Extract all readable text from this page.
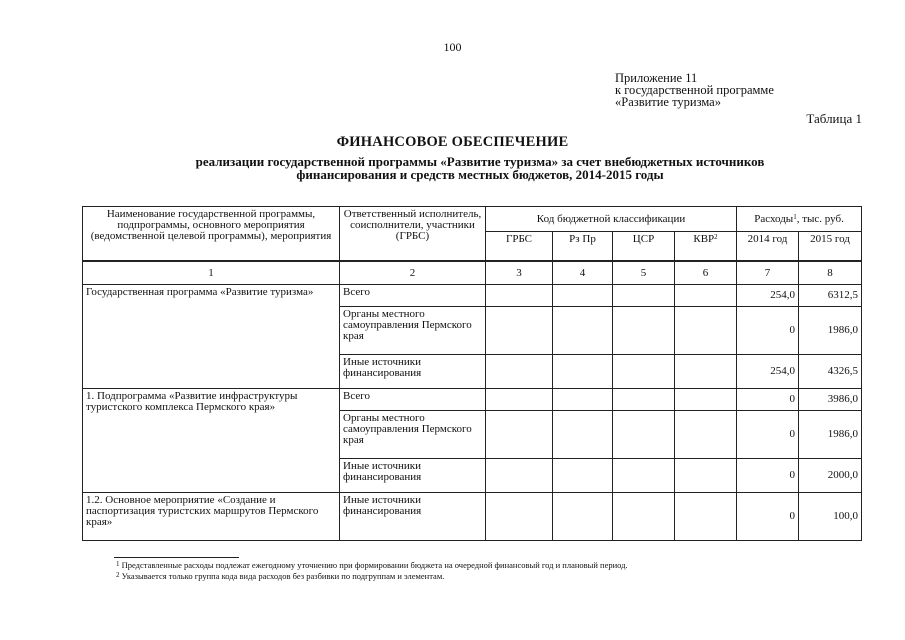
100
Приложение 11
к государственной программе
«Развитие туризма»
Таблица 1
ФИНАНСОВОЕ ОБЕСПЕЧЕНИЕ
реализации государственной программы «Развитие туризма» за счет внебюджетных источников
финансирования и средств местных бюджетов, 2014-2015 годы
Наименование государственной программы, подпрограммы, основного мероприятия (ведомственной целевой программы), мероприятия	Ответственный исполнитель, соисполнители, участники (ГРБС)	Код бюджетной классификации				Расходы$^1$, тыс. руб.	
		ГРБС	Рз Пр	ЦСР	КВР$^2$	2014 год	2015 год
1	2	3	4	5	6	7	8
Государственная программа «Развитие туризма»	Всего					254,0	6312,5
	Органы местного самоуправления Пермского края					0	1986,0
	Иные источники финансирования					254,0	4326,5
1. Подпрограмма «Развитие инфраструктуры туристского комплекса Пермского края»	Всего					0	3986,0
	Органы местного самоуправления Пермского края					0	1986,0
	Иные источники финансирования					0	2000,0
1.2. Основное мероприятие «Создание и паспортизация туристских маршрутов Пермского края»	Иные источники финансирования					0	100,0
$^1$ Представленные расходы подлежат ежегодному уточнению при формировании бюджета на очередной финансовый год и плановый период.
$^2$ Указывается только группа кода вида расходов без разбивки по подгруппам и элементам.
